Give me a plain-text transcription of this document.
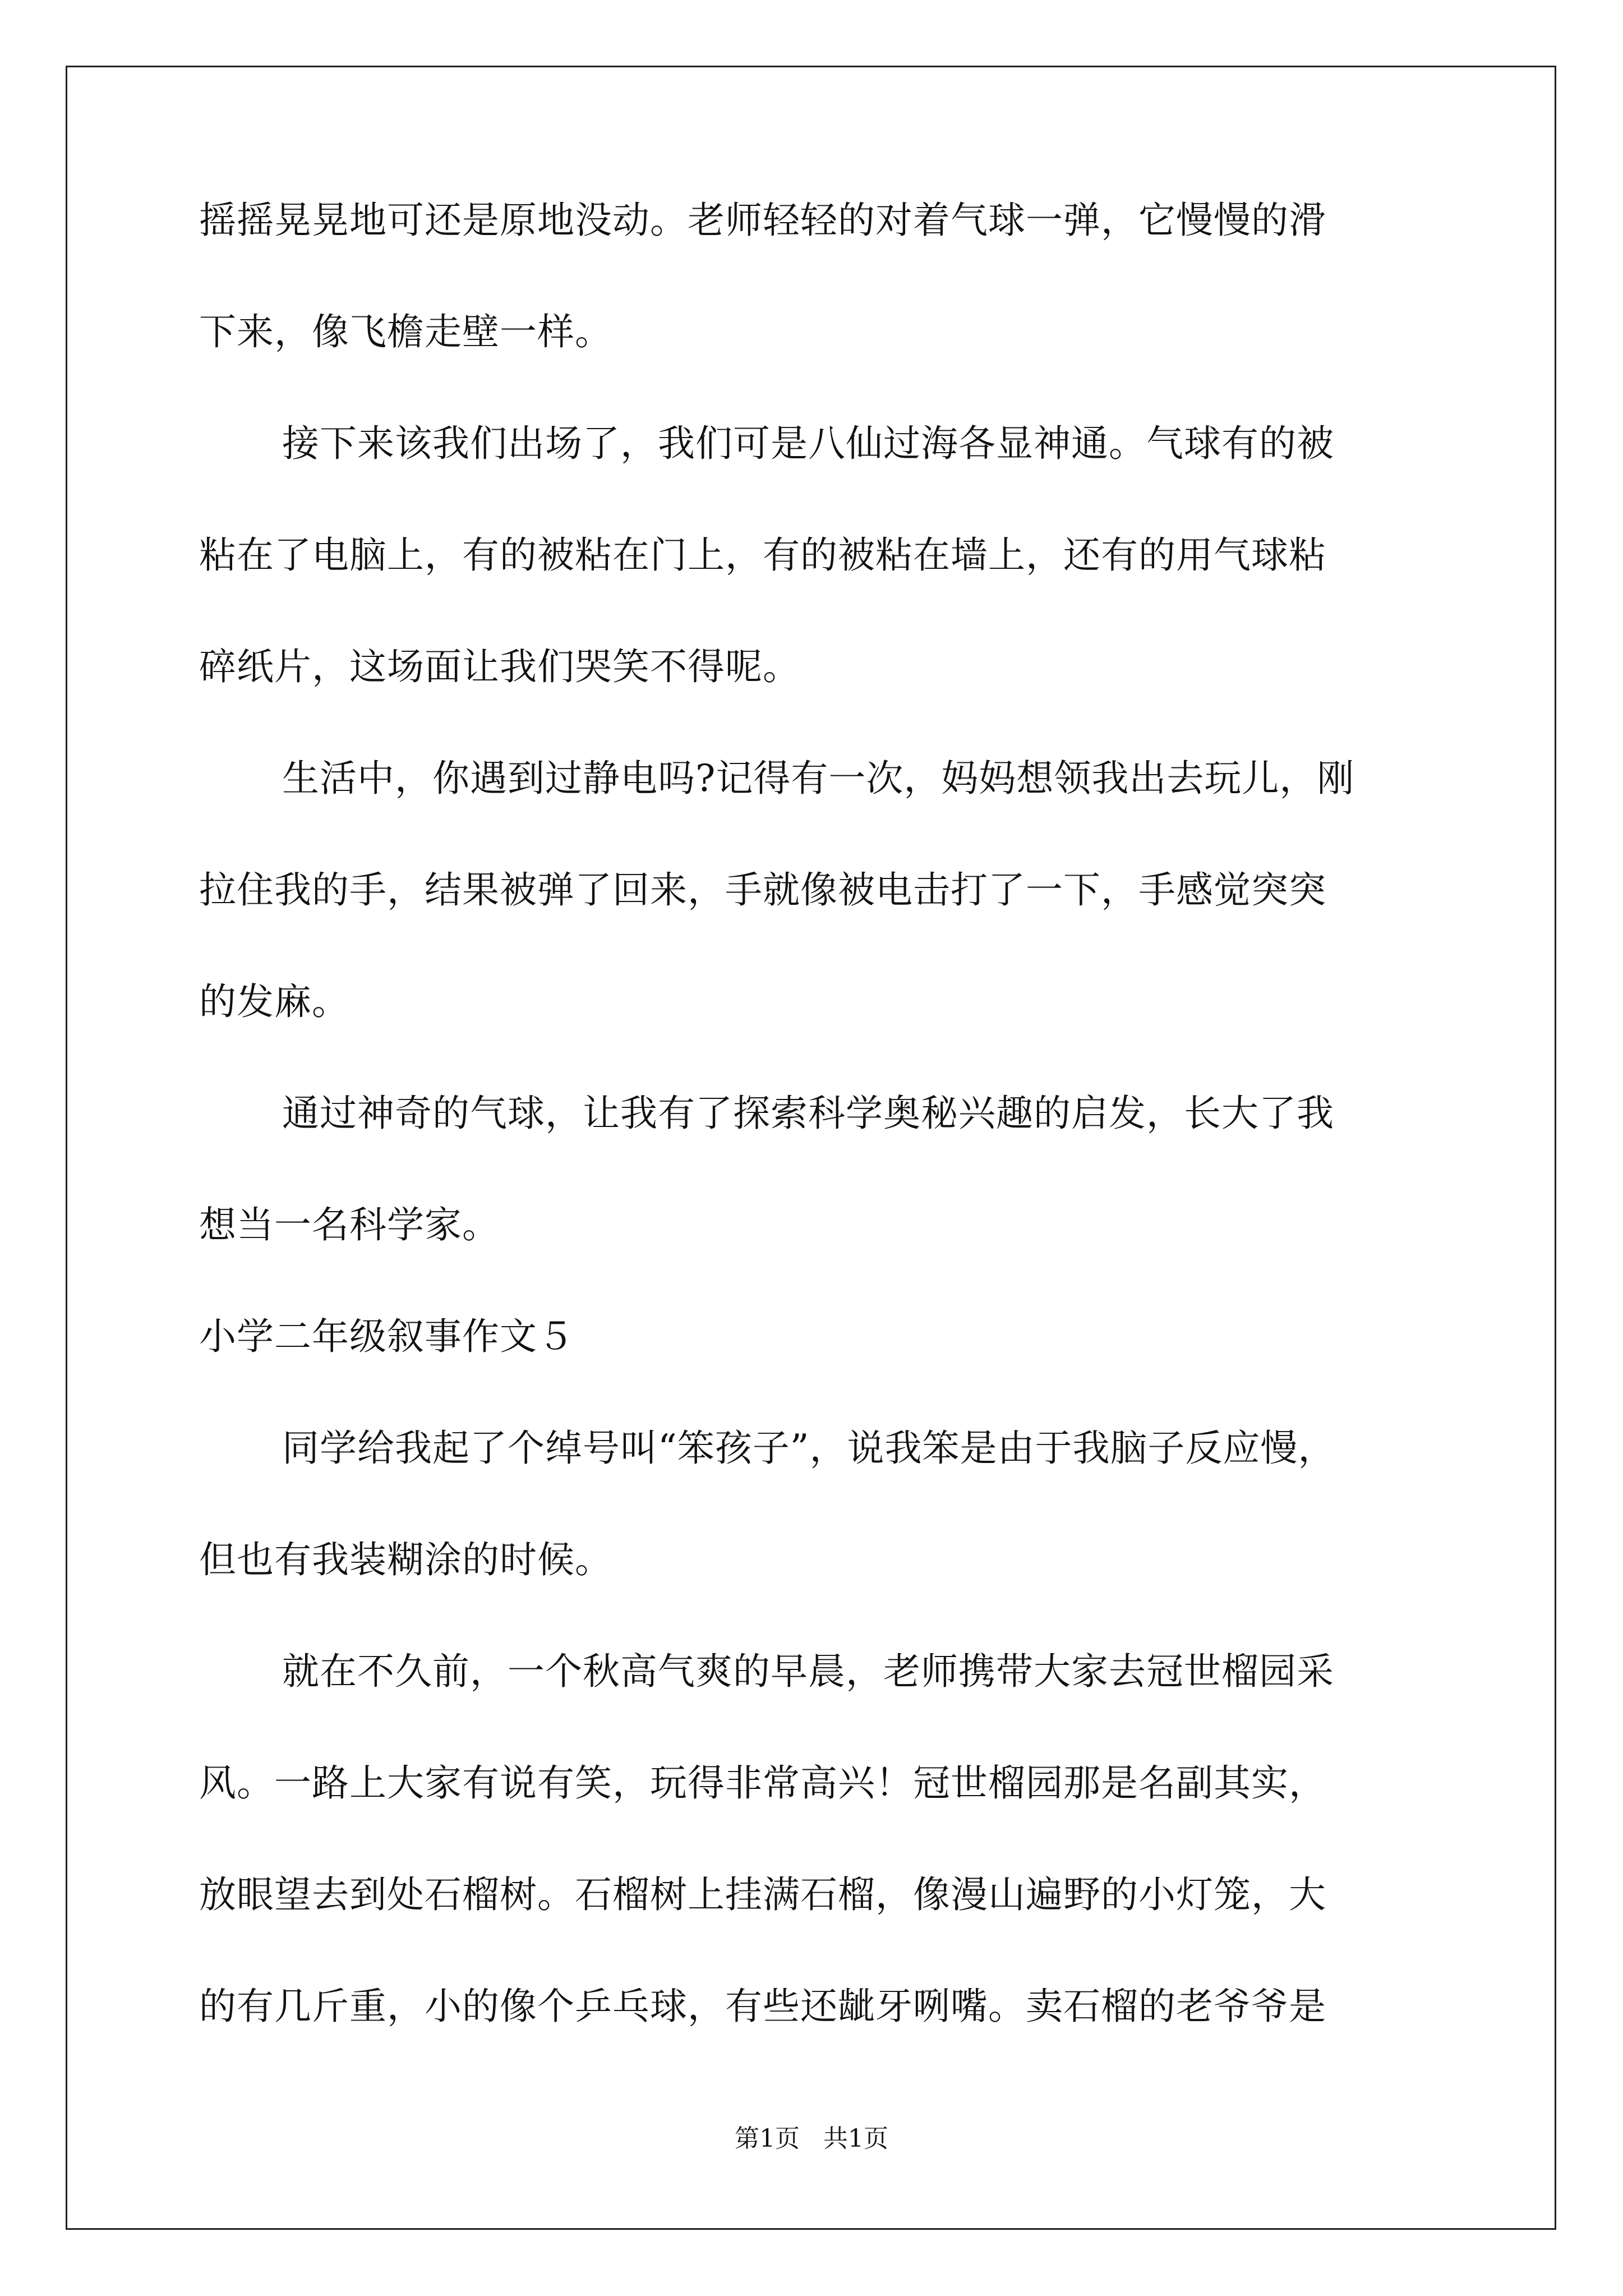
摇摇晃晃地可还是原地没动。老师轻轻的对着气球一弹，它慢慢的滑
下来，像飞檐走壁一样。
接下来该我们出场了，我们可是八仙过海各显神通。气球有的被
粘在了电脑上，有的被粘在门上，有的被粘在墙上，还有的用气球粘
碎纸片，这场面让我们哭笑不得呢。
生活中，你遇到过静电吗?记得有一次，妈妈想领我出去玩儿，刚
拉住我的手，结果被弹了回来，手就像被电击打了一下，手感觉突突
的发麻。
通过神奇的气球，让我有了探索科学奥秘兴趣的启发，长大了我
想当一名科学家。
小学二年级叙事作文５
同学给我起了个绰号叫“笨孩子”，说我笨是由于我脑子反应慢，
但也有我装糊涂的时候。
就在不久前，一个秋高气爽的早晨，老师携带大家去冠世榴园采
风。一路上大家有说有笑，玩得非常高兴！冠世榴园那是名副其实，
放眼望去到处石榴树。石榴树上挂满石榴，像漫山遍野的小灯笼，大
的有几斤重，小的像个乒乓球，有些还龇牙咧嘴。卖石榴的老爷爷是
第1页 共1页
